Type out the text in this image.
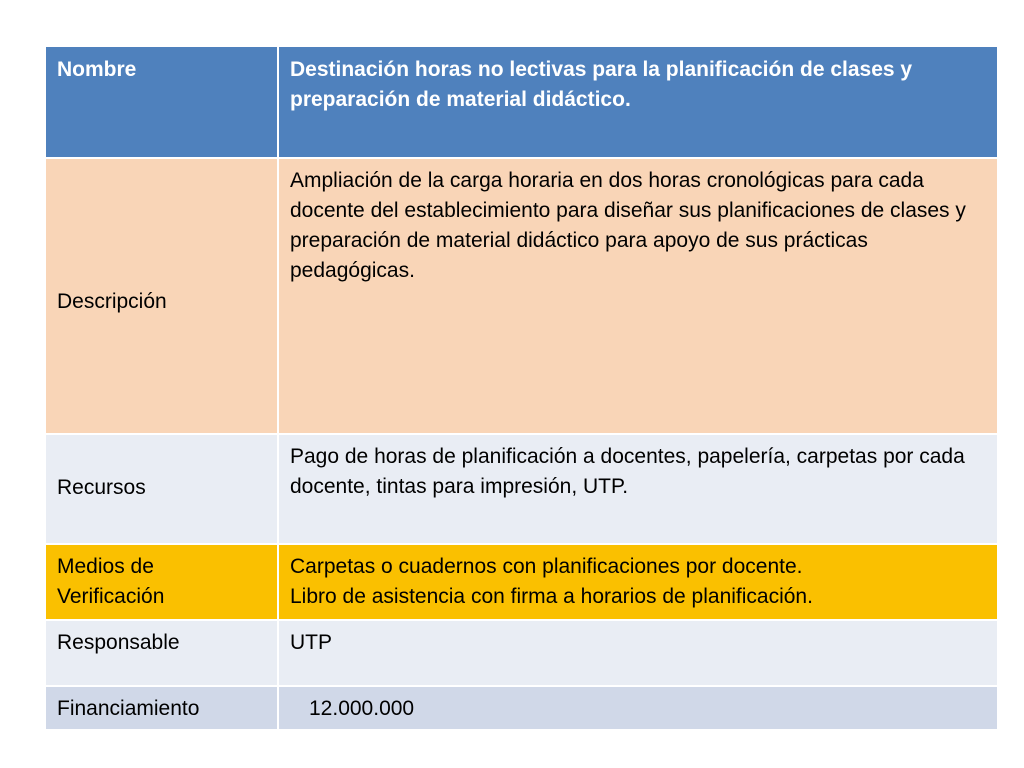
Nombre	Destinación horas no lectivas para la planificación de clases y preparación de material didáctico.
Descripción	Ampliación de la carga horaria en dos horas cronológicas para cada docente del establecimiento para diseñar sus planificaciones de clases y preparación de material didáctico para apoyo de sus prácticas pedagógicas.
Recursos	Pago de horas de planificación a docentes, papelería, carpetas por cada docente, tintas para impresión, UTP.
Medios de Verificación	Carpetas o cuadernos con planificaciones por docente.
Libro de asistencia con firma a horarios de planificación.

Responsable	UTP
Financiamiento	12.000.000
